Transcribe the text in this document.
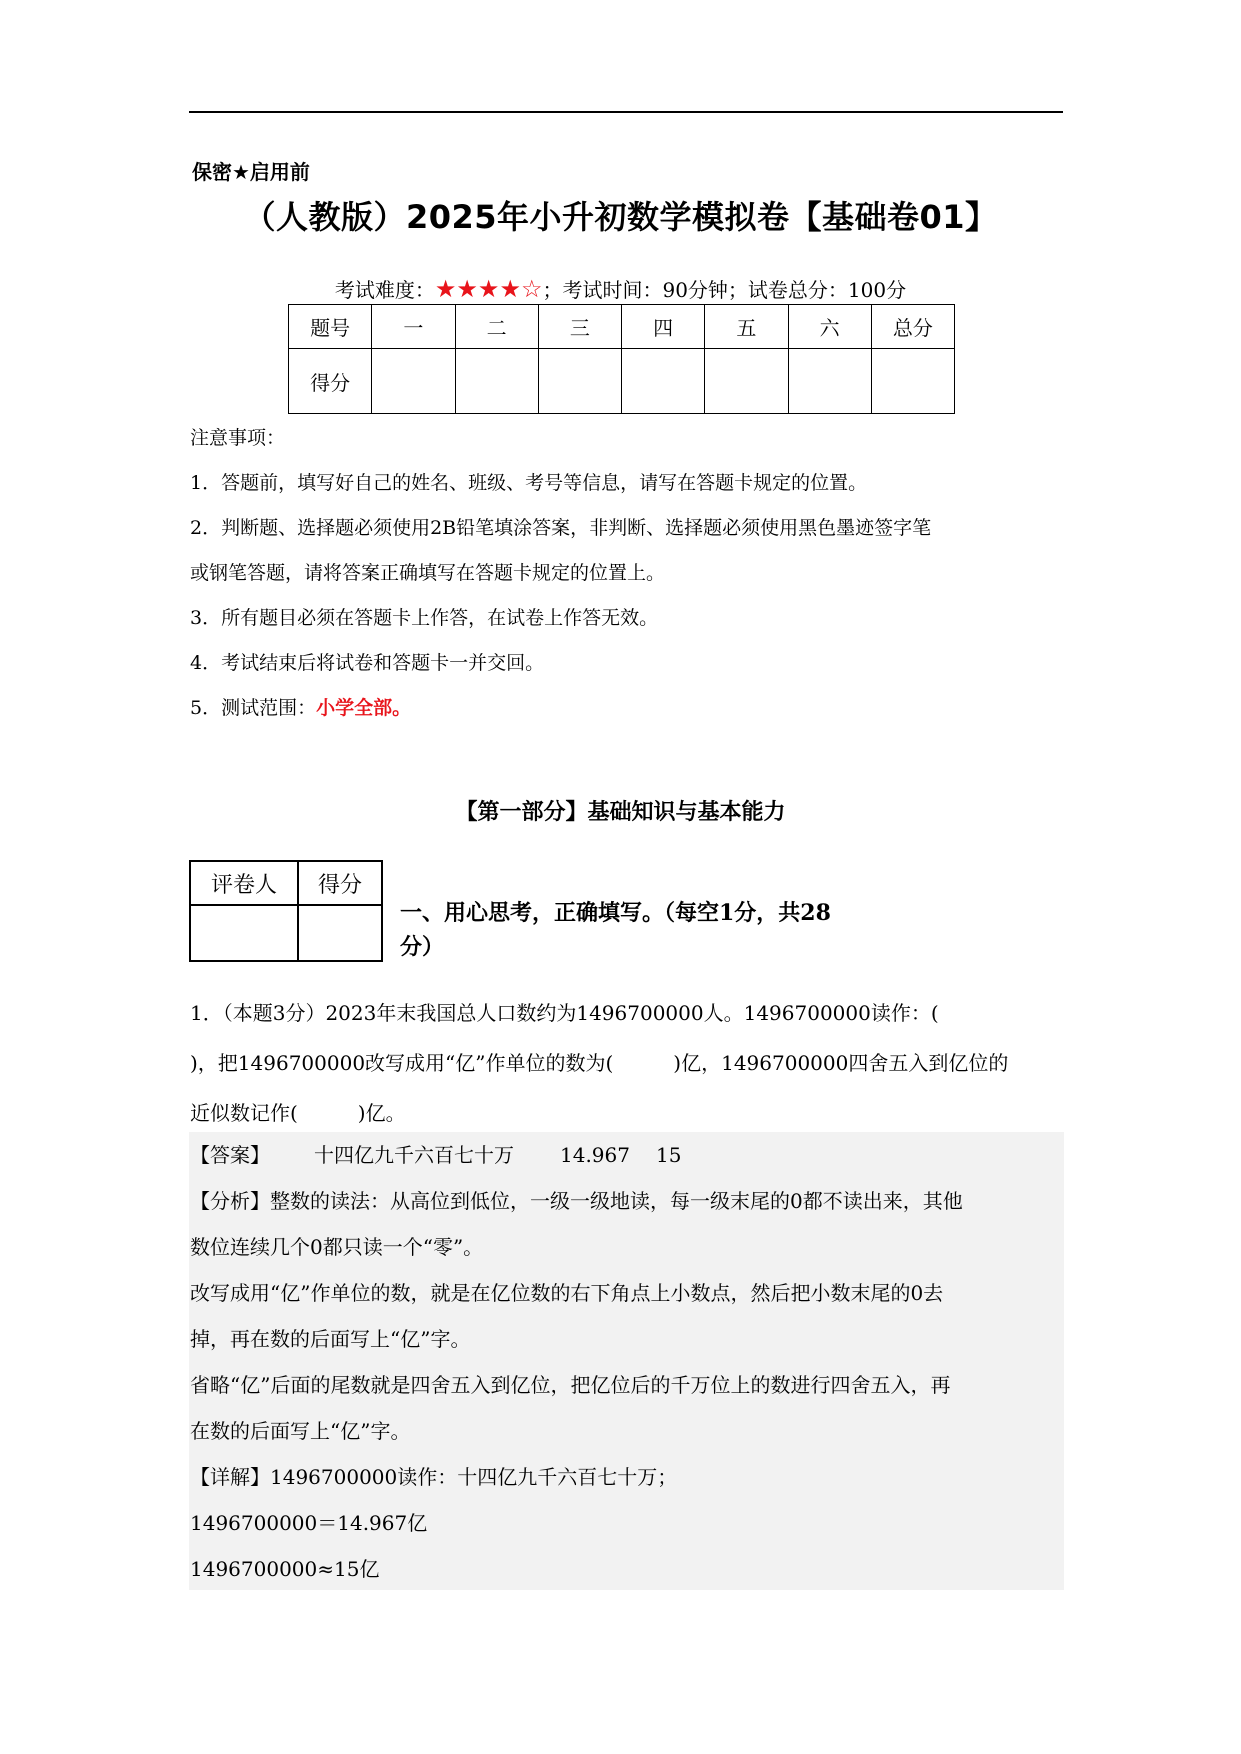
保密★启用前
（人教版）2025年小升初数学模拟卷【基础卷01】
考试难度：★★★★☆；考试时间：90分钟；试卷总分：100分
题号	一	二	三	四	五	六	总分
得分							
注意事项：
1．答题前，填写好自己的姓名、班级、考号等信息，请写在答题卡规定的位置。
2．判断题、选择题必须使用2B铅笔填涂答案，非判断、选择题必须使用黑色墨迹签字笔
或钢笔答题，请将答案正确填写在答题卡规定的位置上。
3．所有题目必须在答题卡上作答，在试卷上作答无效。
4．考试结束后将试卷和答题卡一并交回。
5．测试范围：小学全部。
【第一部分】基础知识与基本能力
评卷人	得分

一、用心思考，正确填写。（每空1分，共28
分）
1．（本题3分）2023年末我国总人口数约为1496700000人。1496700000读作：(
)，把1496700000改写成用“亿”作单位的数为(　　　)亿，1496700000四舍五入到亿位的
近似数记作(　　　)亿。

【答案】 十四亿九千六百七十万 14.967 15

【分析】整数的读法：从高位到低位，一级一级地读，每一级末尾的0都不读出来，其他

数位连续几个0都只读一个“零”。

改写成用“亿”作单位的数，就是在亿位数的右下角点上小数点，然后把小数末尾的0去

掉，再在数的后面写上“亿”字。

省略“亿”后面的尾数就是四舍五入到亿位，把亿位后的千万位上的数进行四舍五入，再

在数的后面写上“亿”字。

【详解】1496700000读作：十四亿九千六百七十万；

1496700000＝14.967亿

1496700000≈15亿
